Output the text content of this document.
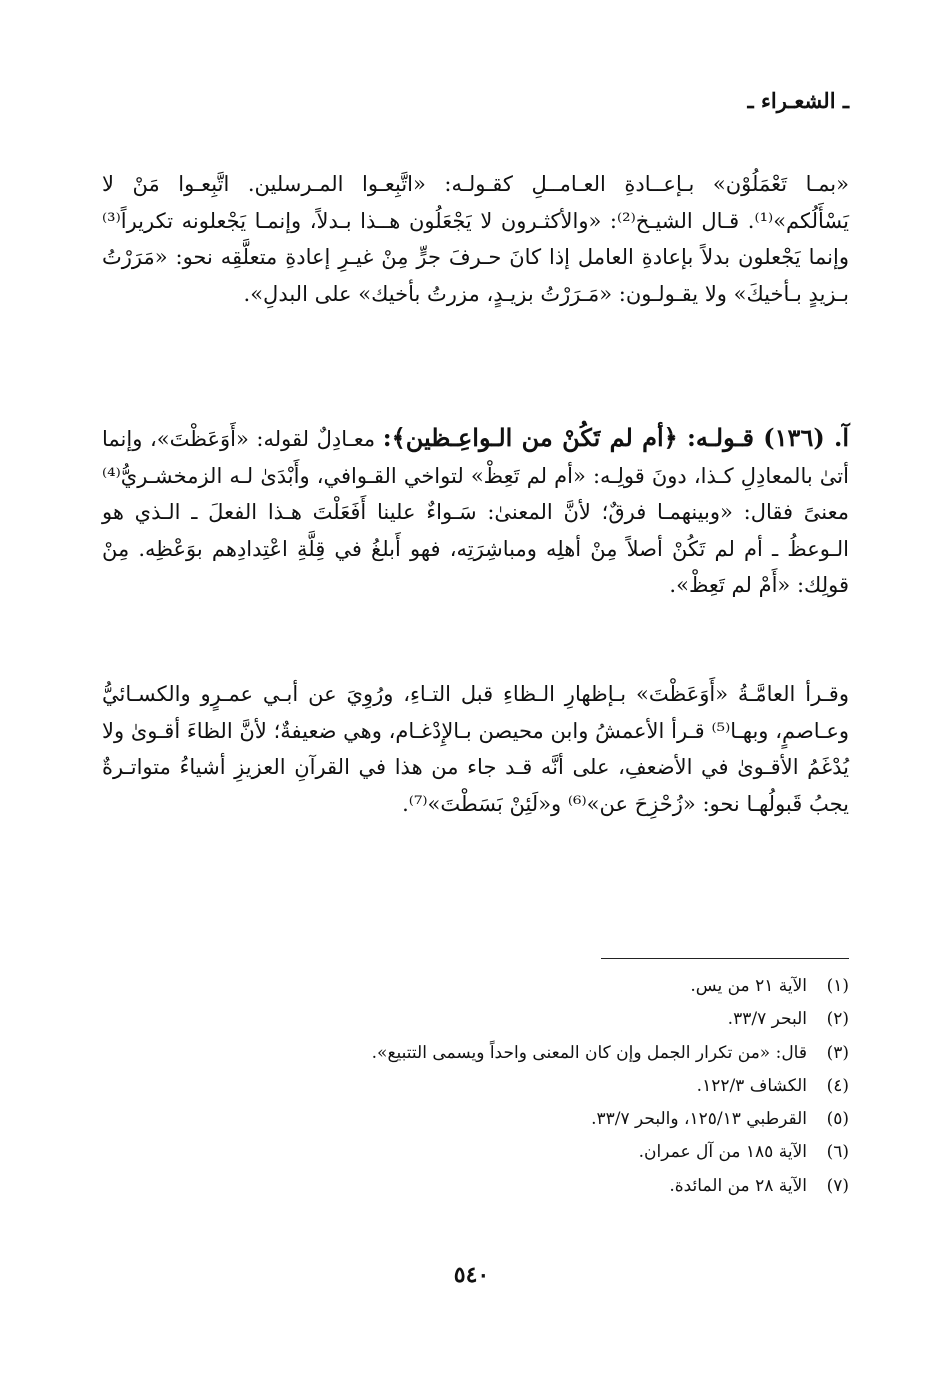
ـ الشعـراء ـ
«بمـا تَعْمَلُوْن» بـإعــادةِ العـامــلِ كقـولـه: «اتَّبِعـوا المـرسلين. اتَّبِعـوا مَنْ لا يَسْأَلُكم»⁽¹⁾. قـال الشيـخ⁽²⁾: «والأكثـرون لا يَجْعَلُون هــذا بـدلاً، وإنمـا يَجْعلونه تكريراً⁽³⁾ وإنما يَجْعلون بدلاً بإعادةِ العامل إذا كانَ حـرفَ جرٍّ مِنْ غيـرِ إعادةِ متعلَّقِه نحو: «مَرَرْتُ بـزيدٍ بـأخيكَ» ولا يقـولـون: «مَـرَرْتُ بزيـدٍ، مزرتُ بأخيك» على البدلِ».
آ. (١٣٦) قـولـه: ﴿أم لم تَكُنْ من الـواعِـظين﴾: معـادِلٌ لقوله: «أَوَعَظْتَ»، وإنما أتىٰ بالمعادِلِ كـذا، دونَ قولِـه: «أم لم تَعِظْ» لتواخي القـوافي، وأَبْدَىٰ لـه الزمخشـريُّ⁽⁴⁾ معنىً فقال: «وبينهمـا فرقٌ؛ لأنَّ المعنىٰ: سَـواءٌ علينا أَفَعَلْتَ هـذا الفعلَ ـ الـذي هو الـوعظُ ـ أم لم تَكُنْ أصلاً مِنْ أهلِه ومباشِرَتِه، فهو أَبلغُ في قِلَّةِ اعْتِدادِهم بوَعْظِه. مِنْ قولِك: «أَمْ لم تَعِظْ».
وقـرأ العامَّـةُ «أَوَعَظْتَ» بـإظهارِ الـظاءِ قبل التـاءِ، ورُوِيَ عن أبـي عمـرٍو والكسـائيُّ وعـاصمٍ، وبهـا⁽⁵⁾ قـرأ الأعمشُ وابن محيصن بـالإِدْغـام، وهي ضعيفةٌ؛ لأنَّ الظاءَ أقـوىٰ ولا يُدْغَمُ الأقـوىٰ في الأضعفِ، على أنَّه قـد جاء من هذا في القرآنِ العزيزِ أشياءُ متواتـرةٌ يجبُ قَبولُهـا نحو: «زُحْزِحَ عن»⁽⁶⁾ و«لَئِنْ بَسَطْتَ»⁽⁷⁾.
(١)
الآية ٢١ من يس.
(٢)
البحر ٣٣/٧.
(٣)
قال: «من تكرار الجمل وإن كان المعنى واحداً ويسمى التتبيع».
(٤)
الكشاف ١٢٢/٣.
(٥)
القرطبي ١٢٥/١٣، والبحر ٣٣/٧.
(٦)
الآية ١٨٥ من آل عمران.
(٧)
الآية ٢٨ من المائدة.
٥٤٠
